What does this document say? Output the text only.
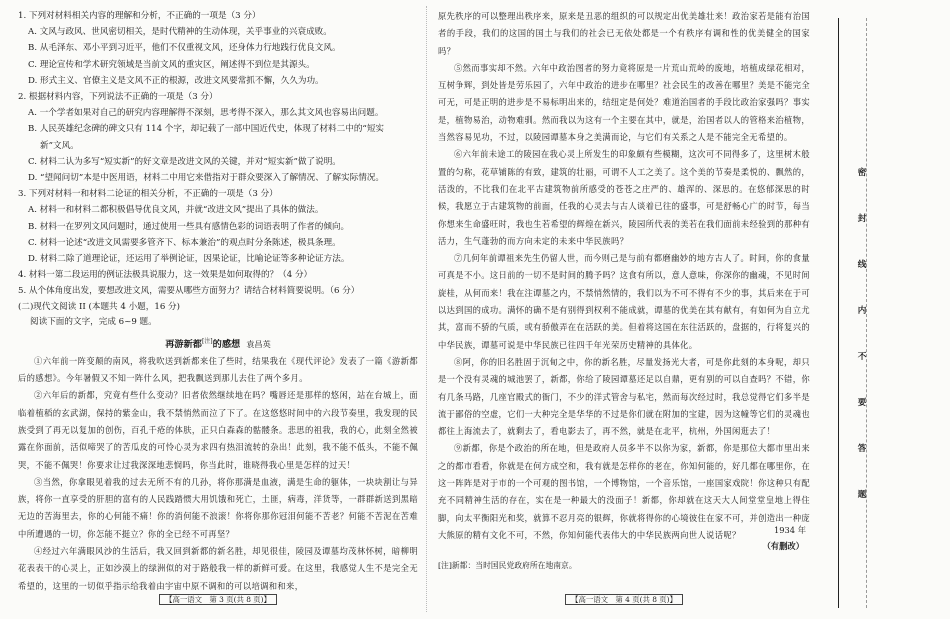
1. 下列对材料相关内容的理解和分析，不正确的一项是（3 分）
A. 文风与政风、世风密切相关，是时代精神的生动体现，关乎事业的兴衰成败。
B. 从毛泽东、邓小平到习近平，他们不仅重视文风，还身体力行地践行优良文风。
C. 理论宣传和学术研究领域是当前文风的重灾区，阐述得不到位是其源头。
D. 形式主义、官僚主义是文风不正的根源，改进文风要常抓不懈，久久为功。
2. 根据材料内容，下列说法不正确的一项是（3 分）
A. 一个学者如果对自己的研究内容理解得不深刻，思考得不深入，那么其文风也容易出问题。
B. 人民英雄纪念碑的碑文只有 114 个字，却记载了一部中国近代史，体现了材料二中的“短实
新”文风。
C. 材料二认为多写“短实新”的好文章是改进文风的关键，并对“短实新”做了说明。
D. “望闻问切”本是中医用语，材料二中用它来借指对于群众要深入了解情况、了解实际情况。
3. 下列对材料一和材料二论证的相关分析，不正确的一项是（3 分）
A. 材料一和材料二都积极倡导优良文风，并就“改进文风”提出了具体的做法。
B. 材料一在罗列文风问题时，通过使用一些具有感情色彩的词语表明了作者的倾向。
C. 材料一论述“改进文风需要多管齐下、标本兼治”的观点时分条陈述，极具条理。
D. 材料二除了道理论证，还运用了举例论证，因果论证，比喻论证等多种论证方法。
4. 材料一第二段运用的例证法极具说服力，这一效果是如何取得的？（4 分）
5. 从个体角度出发，要想改进文风，需要从哪些方面努力？请结合材料简要说明。（6 分）

(二)现代文阅读 II (本题共 4 小题，16 分)

阅读下面的文字，完成 6~9 题。

再游新都[注]的感想 袁昌英

①六年前一阵变颠的南风，将我吹送到新都来住了些时，结果我在《现代评论》发表了一篇《游新都后的感想》。今年暑假又不知一阵什么风，把我飘送到那儿去住了两个多月。

②六年后的新都，究竟有些什么变动？旧者依然继续地在吗？嘴唇还是那样的悠闲，站在台城上，面临着植稻的玄武湖，保持的紫金山，我不禁悄然而泣了下了。在这悠悠时间中的六段节奏里，我发现的民族受到了再无以复加的创伤，百孔千疮的体肤，正只白森森的骷髅条。悲思的祖我，我的心，此刻全然被露在你面前，活似啼哭了的苦瓜皮的可怜心灵为求四有热泪流转的杂出！此刻，我不能不低头，不能不佩哭，不能不佩哭！你要求让过我深深地悲悯吗，你当此时，谁晓得我心里是怎样的过天！

③当然，你拿眼见着我的过去无所不有的几孙，将你那满是血液，满是生命的躯体，一块块割让与异族，将你一直享受的肝胆的富有的人民践踏惯大用饥饿和死亡，土匪，病毒，洋货等，一群群新送到黑暗无边的苦海里去，你的心何能不痛！你的消何能不浪滚！你将你那你冠泪何能不苦老？何能不苦泥在苦难中所遭遇的一切，你怎能不挺立？你的全已经不可再坚？

④经过六年满眼风沙的生活后，我又回到新都的新名胜，却见很佳，陵园及谭墓均茂林怀树，暗柳明花表表干的心灵上，正如沙漠上的绿洲似的对于路般我一样的新鲜可爱。在这里，我感觉人生不是完全无希望的，这里的一切似乎指示给我着由宇宙中原不调和的可以培调和和来，

【高一语文　第 3 页(共 8 页)】

原先秩序的可以整理出秩序来，原来是丑恶的组织的可以规定出优美雄壮来！政治家若是能有治国者的手段，我们的这国的国土与我们的社会已无依处都是一个有秩序有调和性的优美健全的国家吗？

⑤然而事实却不然。六年中政治图者的努力竟将原是一片荒山荒岭的废地，培植成绿花相对，互树争辉，到处皆是劳乐园了，六年中政治的进步在哪里？社会民生的改善在哪里？美是不能完全可无，可是正明的进步是不易标明出来的，结纽定是何处？难道治国者的手段比政治家强吗？事实是，植物易治，动物难驯。然而我以为这有一个主要在其中，就是，治国者以人的管格来治植物，当然容易见功，不过，以陵园谭墓本身之美满而论，与它们有关系之人是不能完全无希望的。

⑥六年前未途工的陵园在我心灵上所发生的印象颇有些模糊，这次可不同得多了，这里树木般置的匀称，花草铺陈的有致，建筑的壮丽，可谓不人工之美了。这个美的节奏是柔悦的、飘然的，活泼的，不比我们在北平古建筑物前所感受的苍苍之庄严的、雄浑的、深思的。在悠郁深思的时候，我愿立于古建筑物的前面，任我的心灵去与古人谈着已往的盛事，可是舒畅心广的时节，每当你想来生命盛旺时，我也生若希望的辉煌在新兴，陵园所代表的美若在我们面前未经验到的那种有活力，生气蓬勃的而方向未定的未来中华民族吗？

⑦几何年前谭祖来先生仍留人世，而今则己是与前有都磨幽妙的地方古人了。时间，你的食量可真是不小。这日前的一切不是时间的腾予吗？这食有所以，意人意味，你深你的幽魂，不见时间旋桂，从何而来！我在注谭墓之内，不禁悄然情的，我们以为不可不得有不少的事，其后来在于可以达到国的成功。满怀的确不是有别得到权利不能成就，谭墓的优美在其有献有，有如何为自立尤其，富而不骄的气质，或有骄傲弄在在活跃的美。但着将这国在东往活跃的，盘据的，行将复兴的中华民族，谭墓可说是中华民族已往四千年光荣历史精神的具体化。

⑧阿，你的旧名胜固于沉甸之中，你的新名胜，尽量发扬光大者，可是你此刻的本身呢，却只是一个没有灵魂的城池罢了，新都，你给了陵园谭墓还足以自鼎，更有别的可以自查吗？不错，你有几条马路，几座官殿式的衙门，不少的洋式管舍与私宅，然而每次经过时，我总觉得它们多半是流于鄙俗的空虚，它们一大种完全是华华的不过是你们就在附加的宝建，因为这幢等它们的灵魂也都往上海流去了，就剩去了，看电影去了，再不然，就是在北平，杭州，外国闲逛去了！

⑨新都，你是个政治的所在地，但是政府人员多半不以你为家，新都，你是那位大都市里出来之的都市看看，你就是在何方成空和，我有就是怎样你的老在，你知何能的，好几都在哪里你，在这一阵阵是对于市的一个可观的图书馆，一个博物馆，一个音乐馆，一座国家戏院！你这种只有配充不同精神生活的存在，实在是一种最大的没面子！新都，你却就在这天大人间堂堂皇地上得住脚，向太平衡阳光和奖，就算不忍月亮的银辉，你就将得你的心境彼住在家不可，并创造出一种庞大熊原的精有文化不可，不然，你知何能代表伟大的中华民族两向世人说话呢？	1934 年
（有删改）
[注]新都：当时国民党政府所在地南京。
【高一语文　第 4 页(共 8 页)】
密
封
线
内
不
要
答
题
